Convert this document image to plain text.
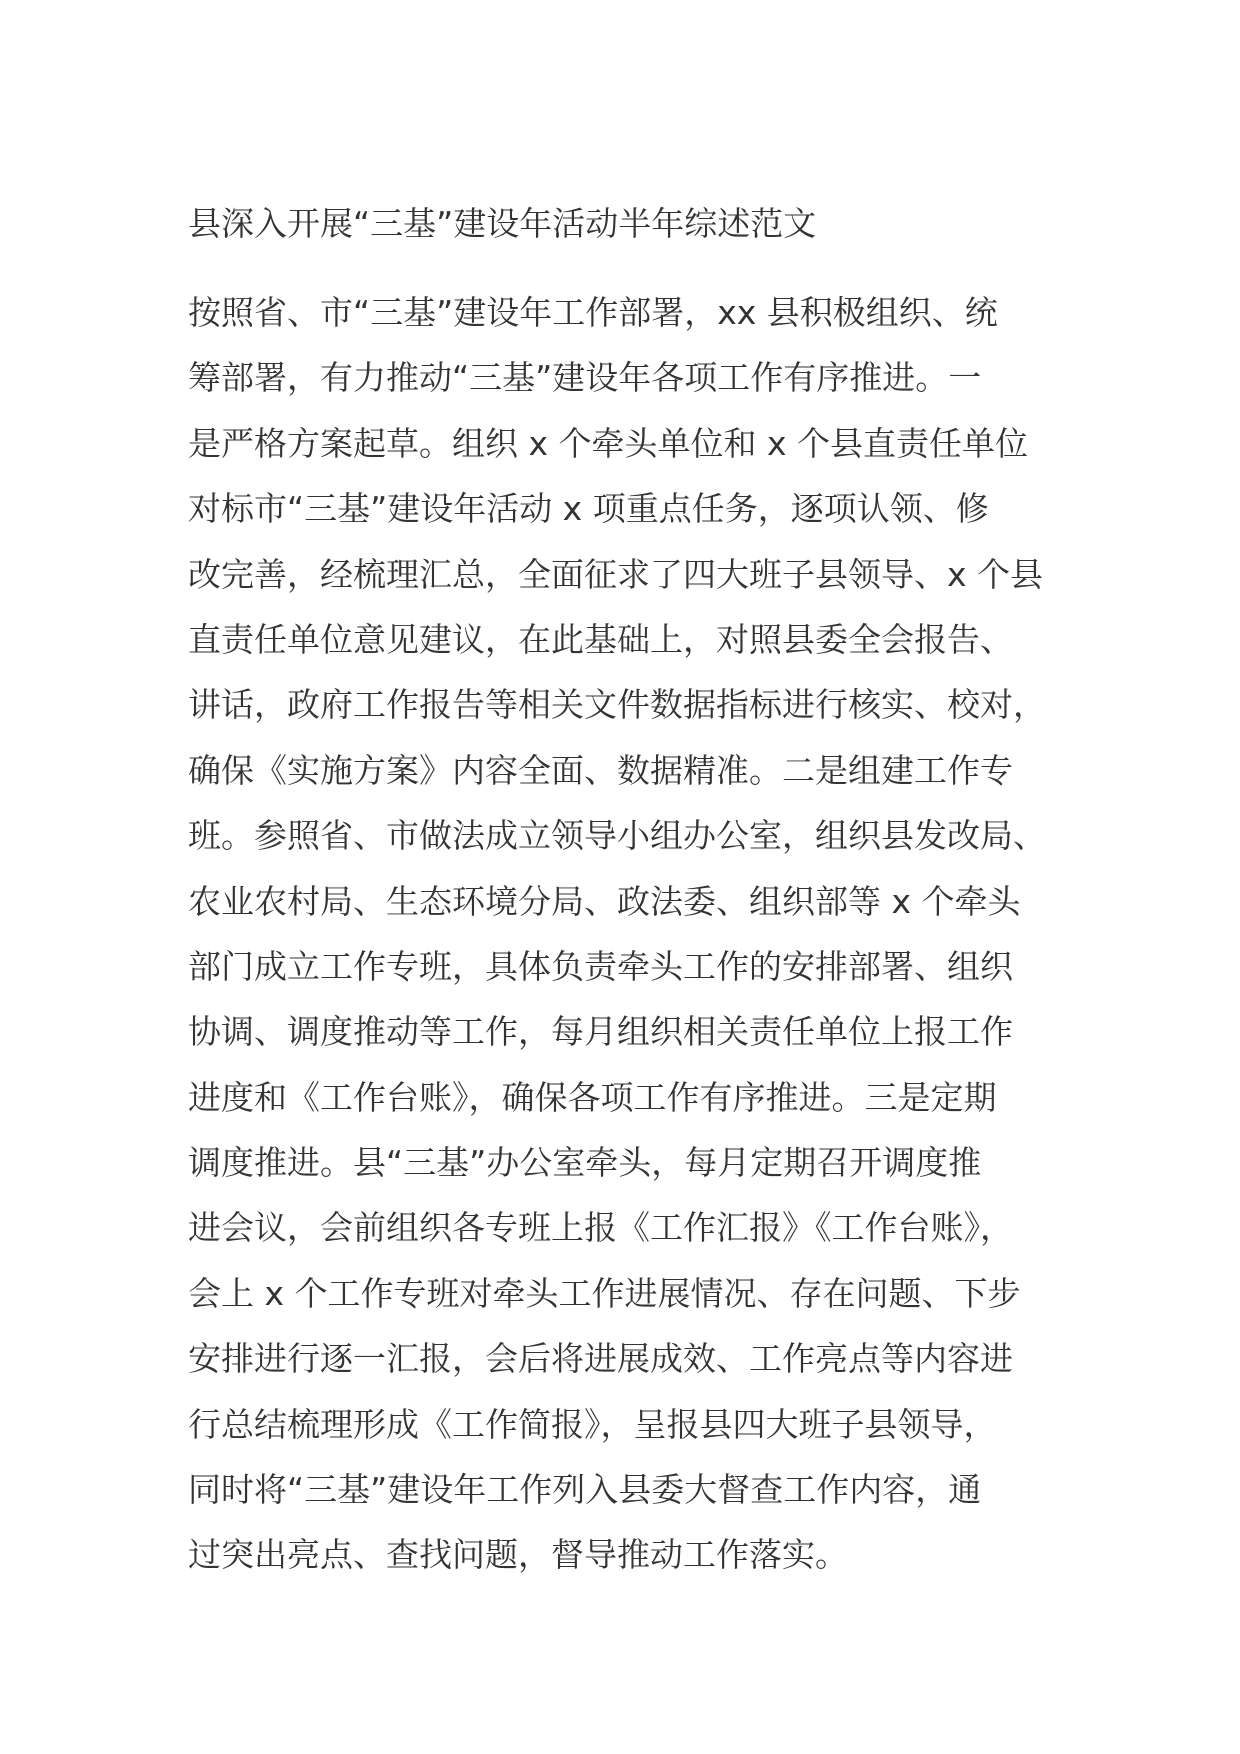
县深入开展“三基”建设年活动半年综述范文
按照省、市“三基”建设年工作部署，xx 县积极组织、统
筹部署，有力推动“三基”建设年各项工作有序推进。一
是严格方案起草。组织 x 个牵头单位和 x 个县直责任单位
对标市“三基”建设年活动 x 项重点任务，逐项认领、修
改完善，经梳理汇总，全面征求了四大班子县领导、x 个县
直责任单位意见建议，在此基础上，对照县委全会报告、
讲话，政府工作报告等相关文件数据指标进行核实、校对，
确保《实施方案》内容全面、数据精准。二是组建工作专
班。参照省、市做法成立领导小组办公室，组织县发改局、
农业农村局、生态环境分局、政法委、组织部等 x 个牵头
部门成立工作专班，具体负责牵头工作的安排部署、组织
协调、调度推动等工作，每月组织相关责任单位上报工作
进度和《工作台账》，确保各项工作有序推进。三是定期
调度推进。县“三基”办公室牵头，每月定期召开调度推
进会议，会前组织各专班上报《工作汇报》《工作台账》，
会上 x 个工作专班对牵头工作进展情况、存在问题、下步
安排进行逐一汇报，会后将进展成效、工作亮点等内容进
行总结梳理形成《工作简报》，呈报县四大班子县领导，
同时将“三基”建设年工作列入县委大督查工作内容，通
过突出亮点、查找问题，督导推动工作落实。
